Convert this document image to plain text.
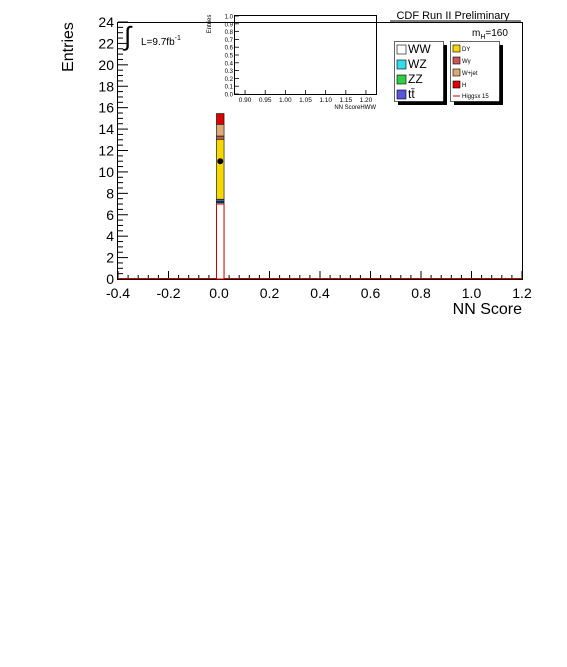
CDF Run II Preliminary
Entries
NN Score
0
2
4
6
8
10
12
14
16
18
20
22
24
-0.4 -0.2 0.0 0.2 0.4 0.6 0.8 1.0 1.2
∫ $L=9.7fb^{-1}$
0.0
0.1
0.2
0.3
0.4
0.5
0.6
0.7
0.8
0.9
1.0
0.90 0.95 1.00 1.05 1.10 1.15 1.20
Entries
NN ScoreHWW
$m_H=160$
WW
WZ
ZZ
tt̄
DY
Wγ
W+jet
H
Higgsx 15
